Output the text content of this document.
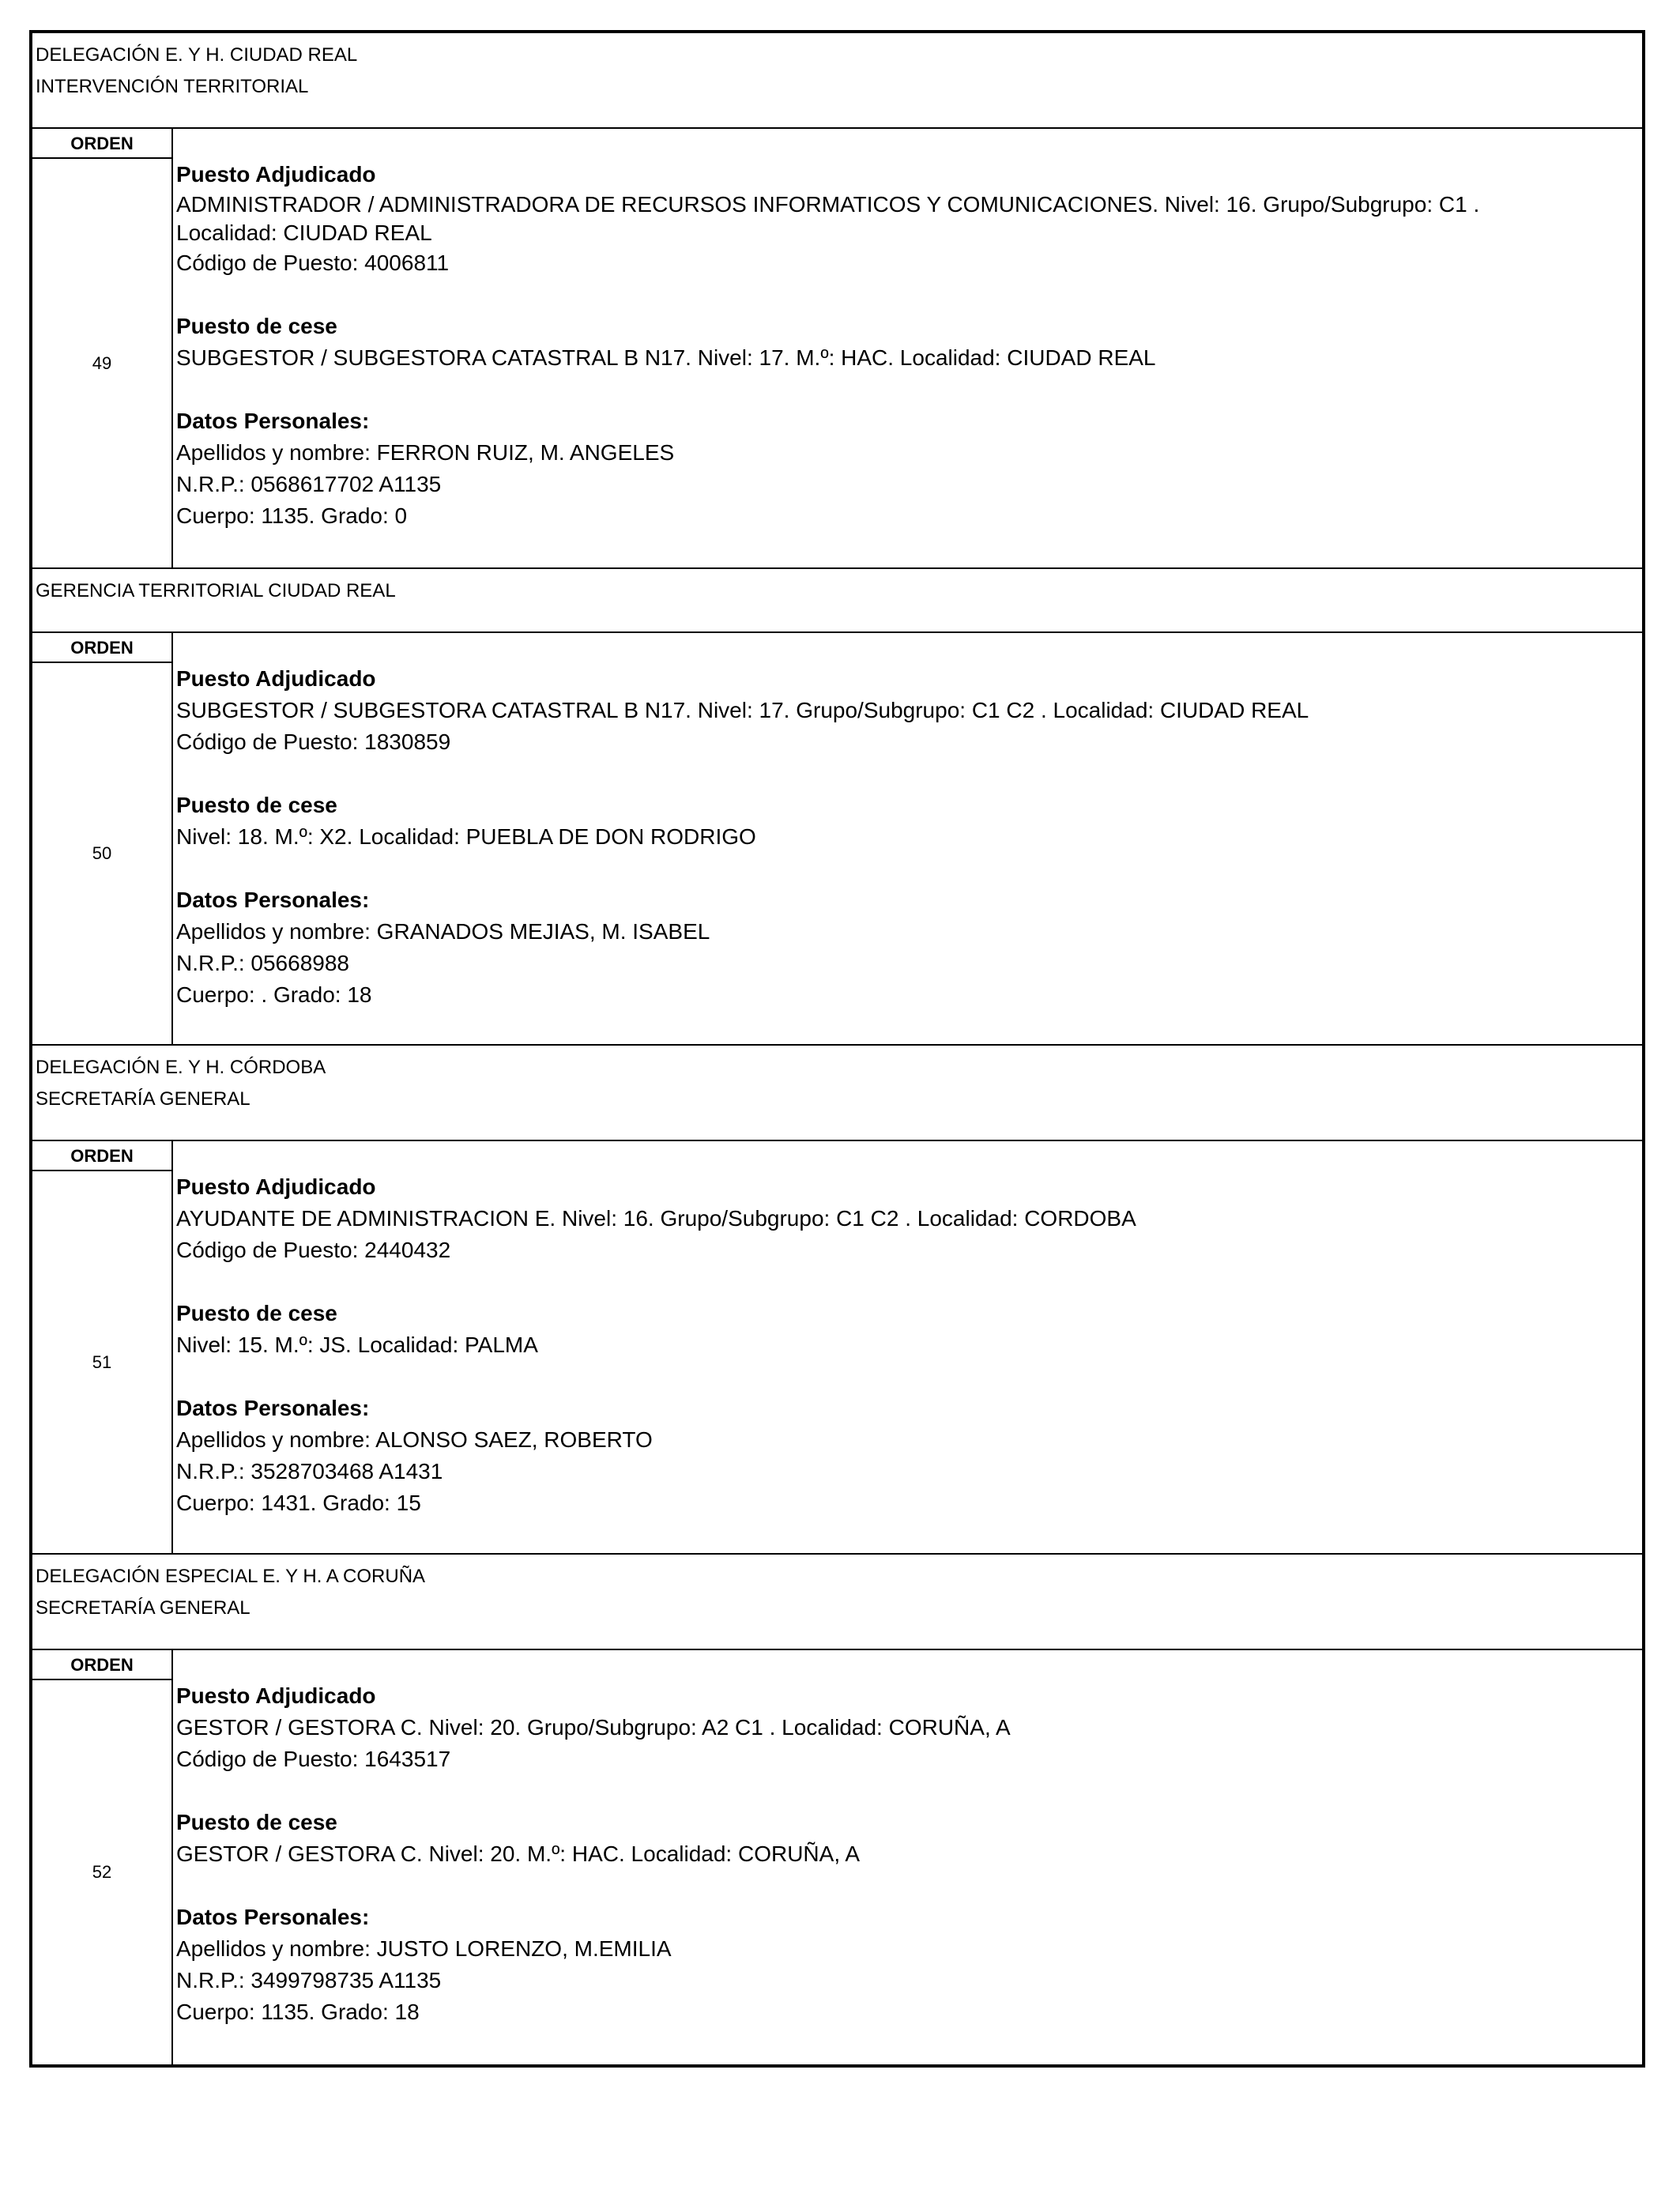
DELEGACIÓN E. Y H. CIUDAD REAL
INTERVENCIÓN TERRITORIAL
ORDEN
49
Puesto Adjudicado
ADMINISTRADOR / ADMINISTRADORA DE RECURSOS INFORMATICOS Y COMUNICACIONES. Nivel: 16. Grupo/Subgrupo: C1 .
Localidad: CIUDAD REAL
Código de Puesto: 4006811
Puesto de cese
SUBGESTOR / SUBGESTORA CATASTRAL B N17. Nivel: 17. M.º: HAC. Localidad: CIUDAD REAL
Datos Personales:
Apellidos y nombre: FERRON RUIZ, M. ANGELES
N.R.P.: 0568617702 A1135
Cuerpo: 1135. Grado: 0
GERENCIA TERRITORIAL CIUDAD REAL
ORDEN
50
Puesto Adjudicado
SUBGESTOR / SUBGESTORA CATASTRAL B N17. Nivel: 17. Grupo/Subgrupo: C1 C2 . Localidad: CIUDAD REAL
Código de Puesto: 1830859
Puesto de cese
Nivel: 18. M.º: X2. Localidad: PUEBLA DE DON RODRIGO
Datos Personales:
Apellidos y nombre: GRANADOS MEJIAS, M. ISABEL
N.R.P.: 05668988
Cuerpo: . Grado: 18
DELEGACIÓN E. Y H. CÓRDOBA
SECRETARÍA GENERAL
ORDEN
51
Puesto Adjudicado
AYUDANTE DE ADMINISTRACION E. Nivel: 16. Grupo/Subgrupo: C1 C2 . Localidad: CORDOBA
Código de Puesto: 2440432
Puesto de cese
Nivel: 15. M.º: JS. Localidad: PALMA
Datos Personales:
Apellidos y nombre: ALONSO SAEZ, ROBERTO
N.R.P.: 3528703468 A1431
Cuerpo: 1431. Grado: 15
DELEGACIÓN ESPECIAL E. Y H. A CORUÑA
SECRETARÍA GENERAL
ORDEN
52
Puesto Adjudicado
GESTOR / GESTORA C. Nivel: 20. Grupo/Subgrupo: A2 C1 . Localidad: CORUÑA, A
Código de Puesto: 1643517
Puesto de cese
GESTOR / GESTORA C. Nivel: 20. M.º: HAC. Localidad: CORUÑA, A
Datos Personales:
Apellidos y nombre: JUSTO LORENZO, M.EMILIA
N.R.P.: 3499798735 A1135
Cuerpo: 1135. Grado: 18
